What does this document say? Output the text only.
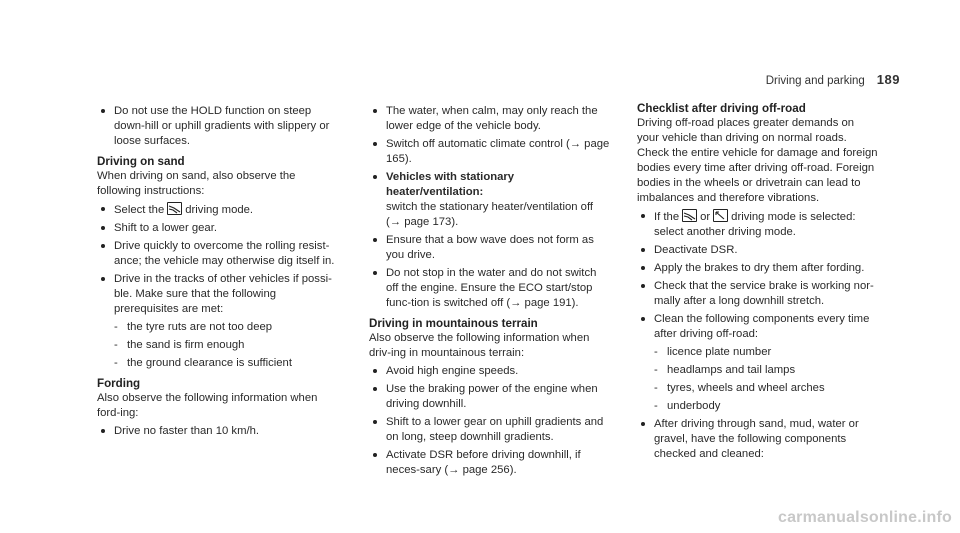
Driving and parking 189
Do not use the HOLD function on steep down-hill or uphill gradients with slippery or loose surfaces.
Driving on sand

When driving on sand, also observe the following instructions:

Select the driving mode.
Shift to a lower gear.
Drive quickly to overcome the rolling resist-ance; the vehicle may otherwise dig itself in.
Drive in the tracks of other vehicles if possi-ble. Make sure that the following prerequisites are met:
- the tyre ruts are not too deep
- the sand is firm enough
- the ground clearance is sufficient
Fording

Also observe the following information when ford-ing:

Drive no faster than 10 km/h.
The water, when calm, may only reach the lower edge of the vehicle body.
Switch off automatic climate control (→ page 165).
Vehicles with stationary heater/ventilation:
switch the stationary heater/ventilation off (→ page 173).
Ensure that a bow wave does not form as you drive.
Do not stop in the water and do not switch off the engine. Ensure the ECO start/stop func-tion is switched off (→ page 191).
Driving in mountainous terrain

Also observe the following information when driv-ing in mountainous terrain:

Avoid high engine speeds.
Use the braking power of the engine when driving downhill.
Shift to a lower gear on uphill gradients and on long, steep downhill gradients.
Activate DSR before driving downhill, if neces-sary (→ page 256).
Checklist after driving off-road

Driving off-road places greater demands on your vehicle than driving on normal roads. Check the entire vehicle for damage and foreign bodies every time after driving off-road. Foreign bodies in the wheels or drivetrain can lead to imbalances and therefore vibrations.

If the or driving mode is selected: select another driving mode.
Deactivate DSR.
Apply the brakes to dry them after fording.
Check that the service brake is working nor-mally after a long downhill stretch.
Clean the following components every time after driving off-road:
- licence plate number
- headlamps and tail lamps
- tyres, wheels and wheel arches
- underbody
After driving through sand, mud, water or gravel, have the following components checked and cleaned:
carmanualsonline.info
